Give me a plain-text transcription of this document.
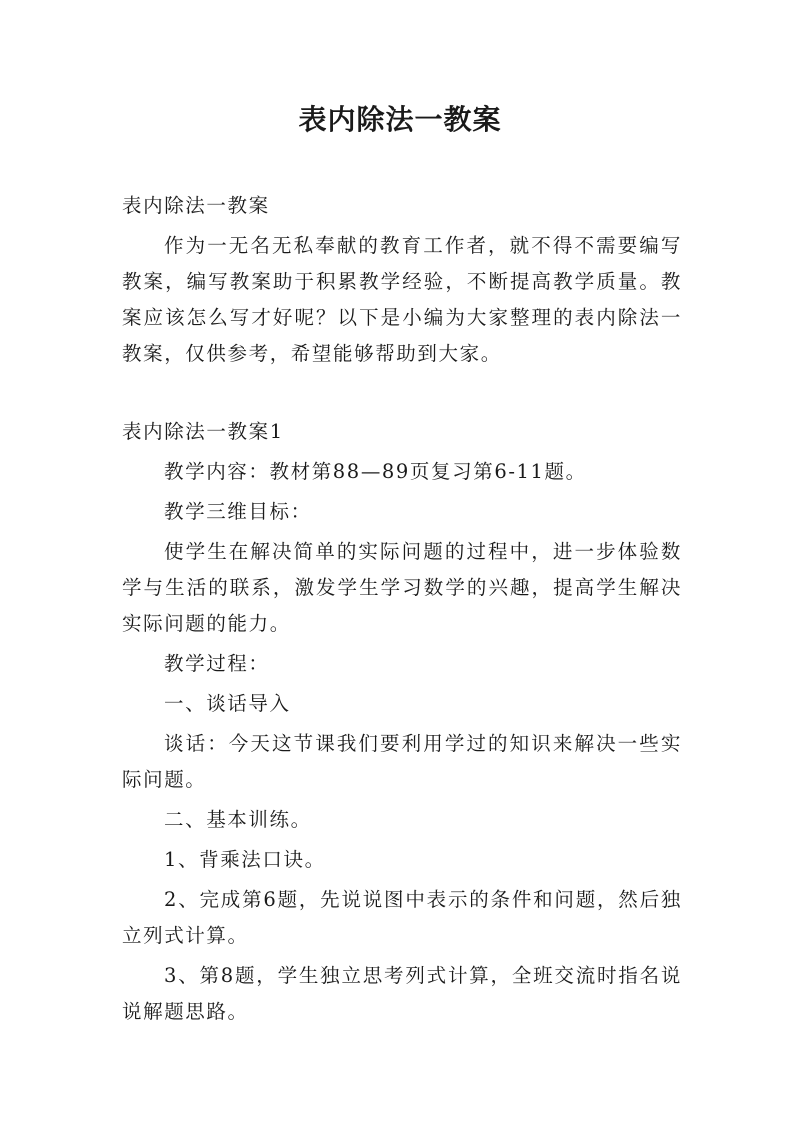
表内除法一教案

表内除法一教案

作为一无名无私奉献的教育工作者，就不得不需要编写教案，编写教案助于积累教学经验，不断提高教学质量。教案应该怎么写才好呢？以下是小编为大家整理的表内除法一教案，仅供参考，希望能够帮助到大家。

表内除法一教案1

教学内容：教材第88—89页复习第6-11题。

教学三维目标：

使学生在解决简单的实际问题的过程中，进一步体验数学与生活的联系，激发学生学习数学的兴趣，提高学生解决实际问题的能力。

教学过程：

一、谈话导入

谈话：今天这节课我们要利用学过的知识来解决一些实际问题。

二、基本训练。

1、背乘法口诀。

2、完成第6题，先说说图中表示的条件和问题，然后独立列式计算。

3、第8题，学生独立思考列式计算，全班交流时指名说说解题思路。
